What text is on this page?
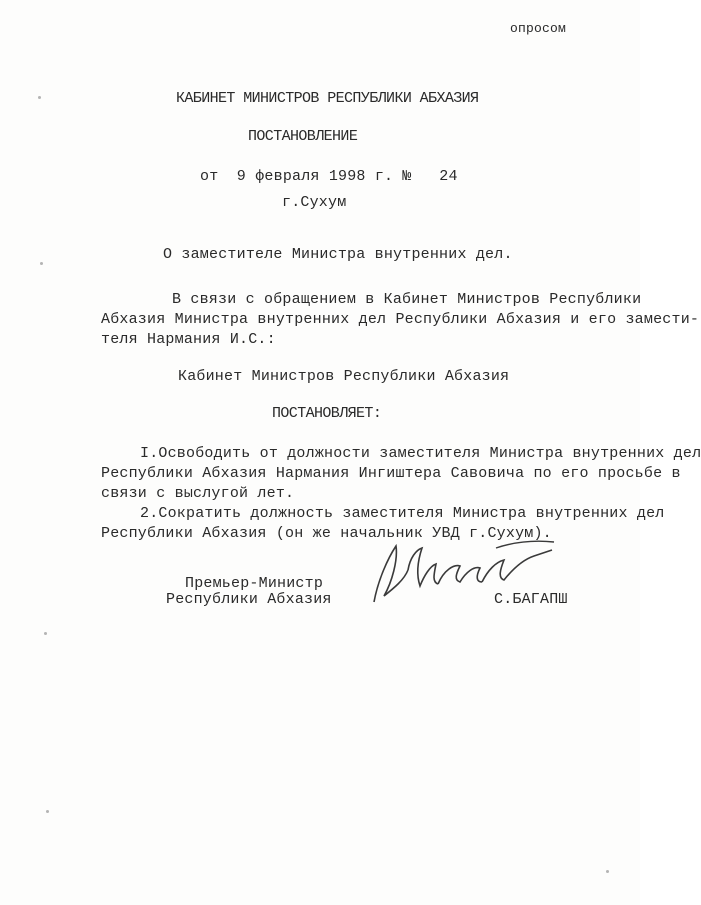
опросом
КАБИНЕТ МИНИСТРОВ РЕСПУБЛИКИ АБХАЗИЯ
ПОСТАНОВЛЕНИЕ
от  9 февраля 1998 г. №   24
г.Сухум
О заместителе Министра внутренних дел.
В связи с обращением в Кабинет Министров Республики
Абхазия Министра внутренних дел Республики Абхазия и его замести-
теля Нармания И.С.:
Кабинет Министров Республики Абхазия
ПОСТАНОВЛЯЕТ:
I.Освободить от должности заместителя Министра внутренних дел
Республики Абхазия Нармания Ингиштера Савовича по его просьбе в
связи с выслугой лет.
2.Сократить должность заместителя Министра внутренних дел
Республики Абхазия (он же начальник УВД г.Сухум).
Премьер-Министр
Республики Абхазия	С.БАГАПШ
